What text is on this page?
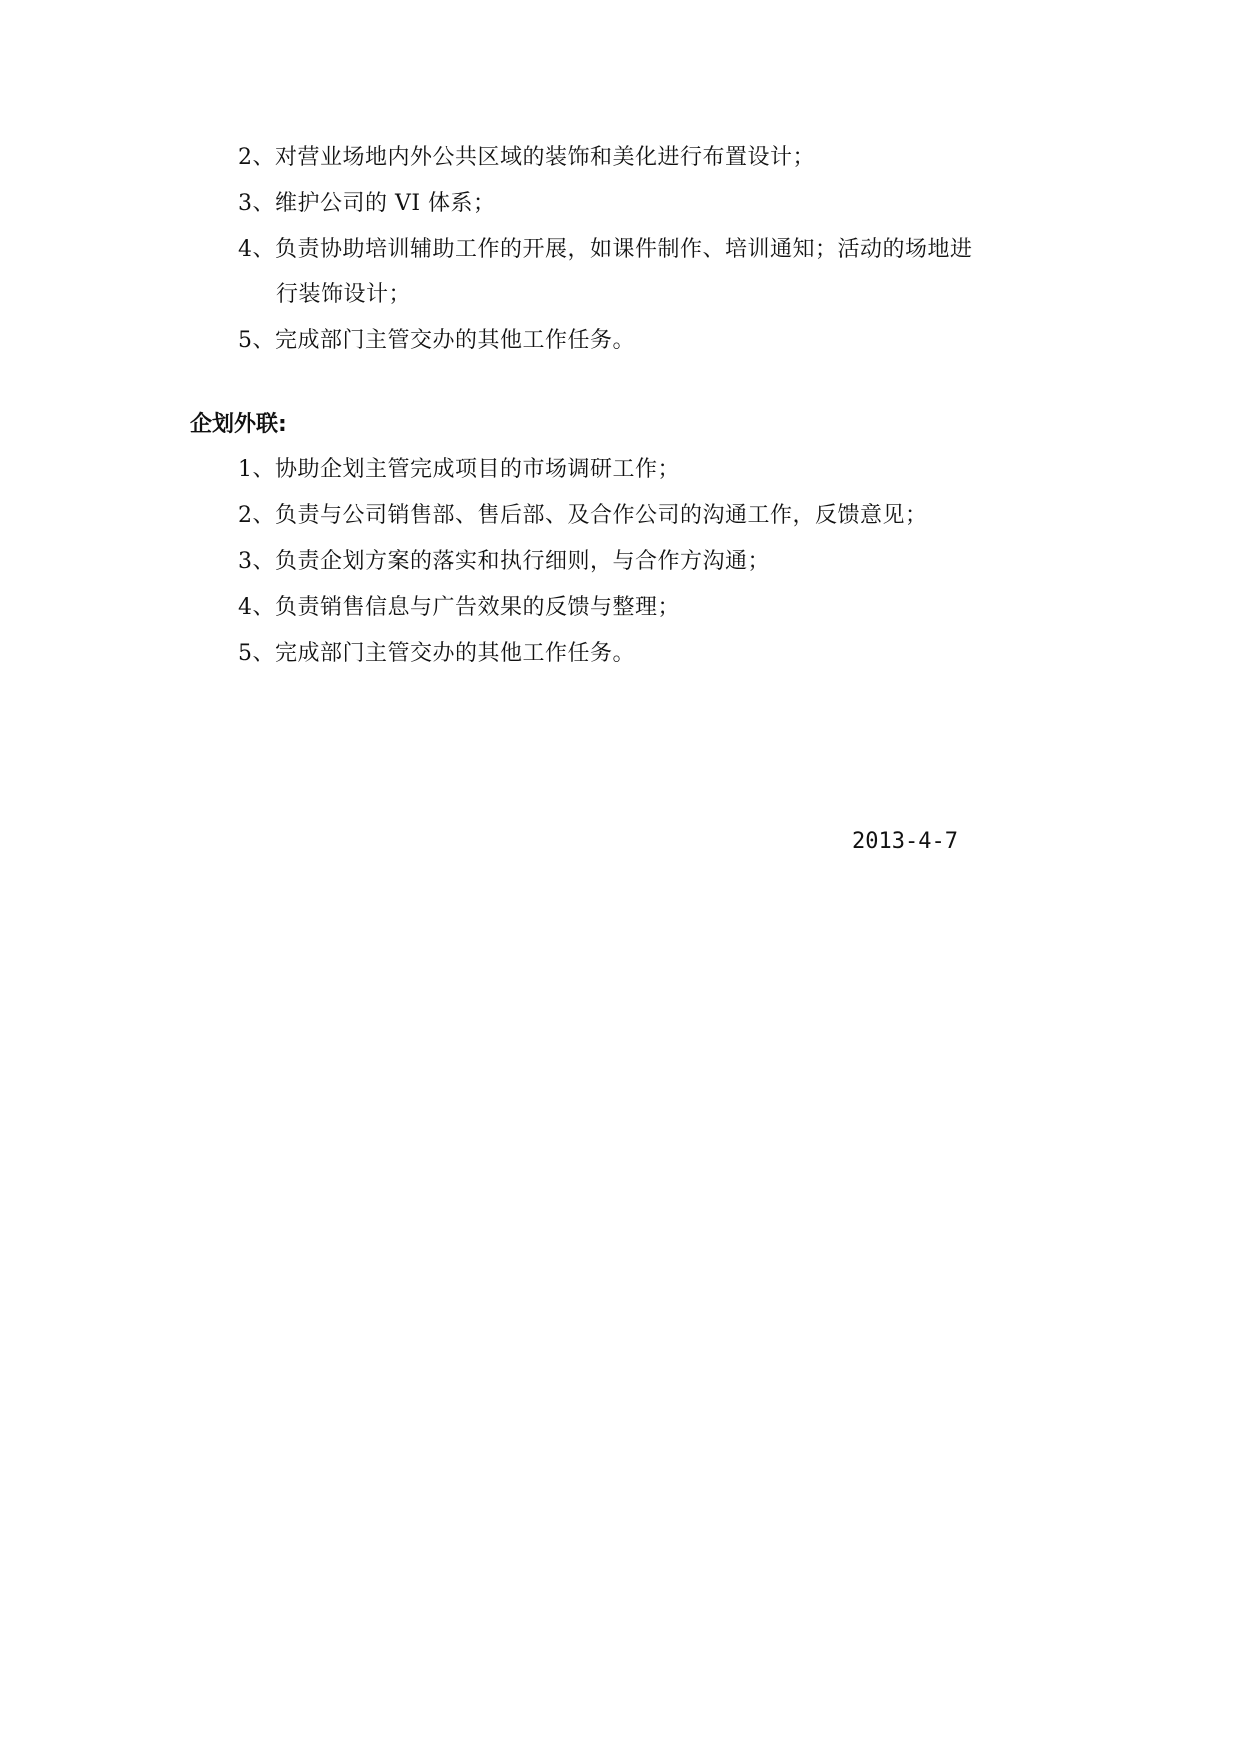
2、对营业场地内外公共区域的装饰和美化进行布置设计；
3、维护公司的 VI 体系；
4、负责协助培训辅助工作的开展，如课件制作、培训通知；活动的场地进
行装饰设计；
5、完成部门主管交办的其他工作任务。
企划外联:
1、协助企划主管完成项目的市场调研工作；
2、负责与公司销售部、售后部、及合作公司的沟通工作，反馈意见；
3、负责企划方案的落实和执行细则，与合作方沟通；
4、负责销售信息与广告效果的反馈与整理；
5、完成部门主管交办的其他工作任务。
2013-4-7
